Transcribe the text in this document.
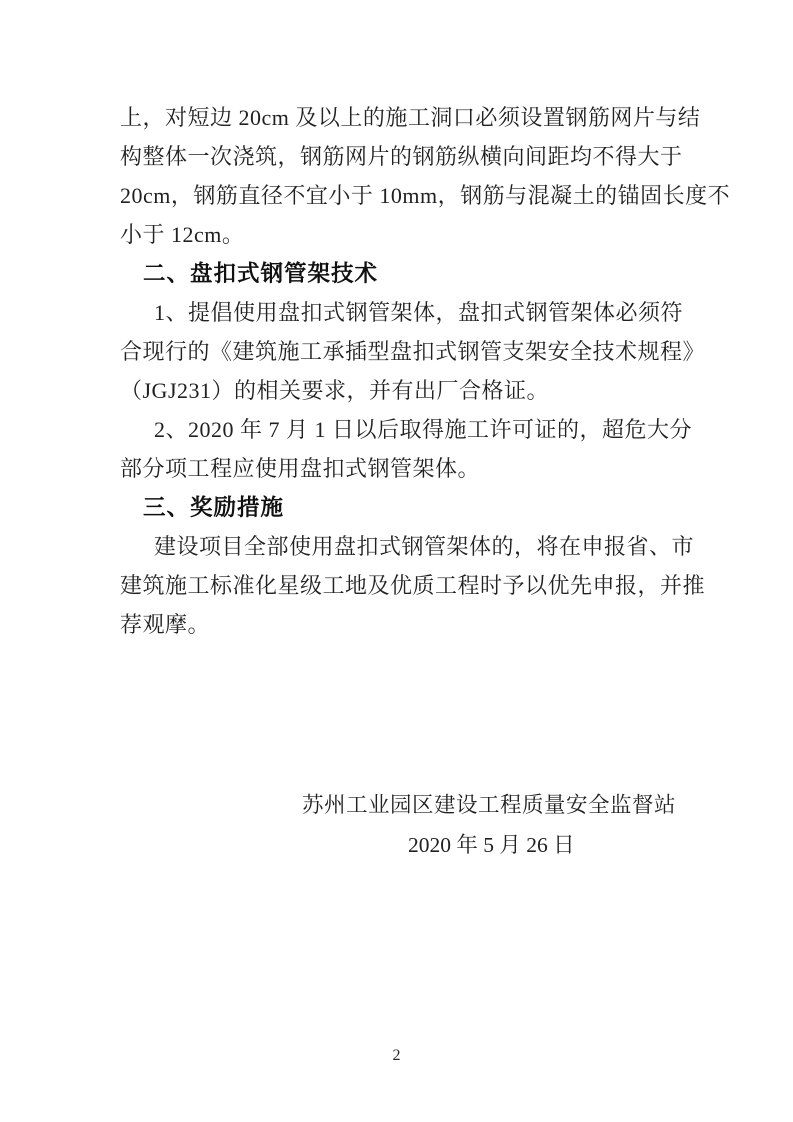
上，对短边 20cm 及以上的施工洞口必须设置钢筋网片与结
构整体一次浇筑，钢筋网片的钢筋纵横向间距均不得大于
20cm，钢筋直径不宜小于 10mm，钢筋与混凝土的锚固长度不
小于 12cm。
二、盘扣式钢管架技术
1、提倡使用盘扣式钢管架体，盘扣式钢管架体必须符
合现行的《建筑施工承插型盘扣式钢管支架安全技术规程》
（JGJ231）的相关要求，并有出厂合格证。
2、2020 年 7 月 1 日以后取得施工许可证的，超危大分
部分项工程应使用盘扣式钢管架体。
三、奖励措施
建设项目全部使用盘扣式钢管架体的，将在申报省、市
建筑施工标准化星级工地及优质工程时予以优先申报，并推
荐观摩。
苏州工业园区建设工程质量安全监督站
2020 年 5 月 26 日
2
